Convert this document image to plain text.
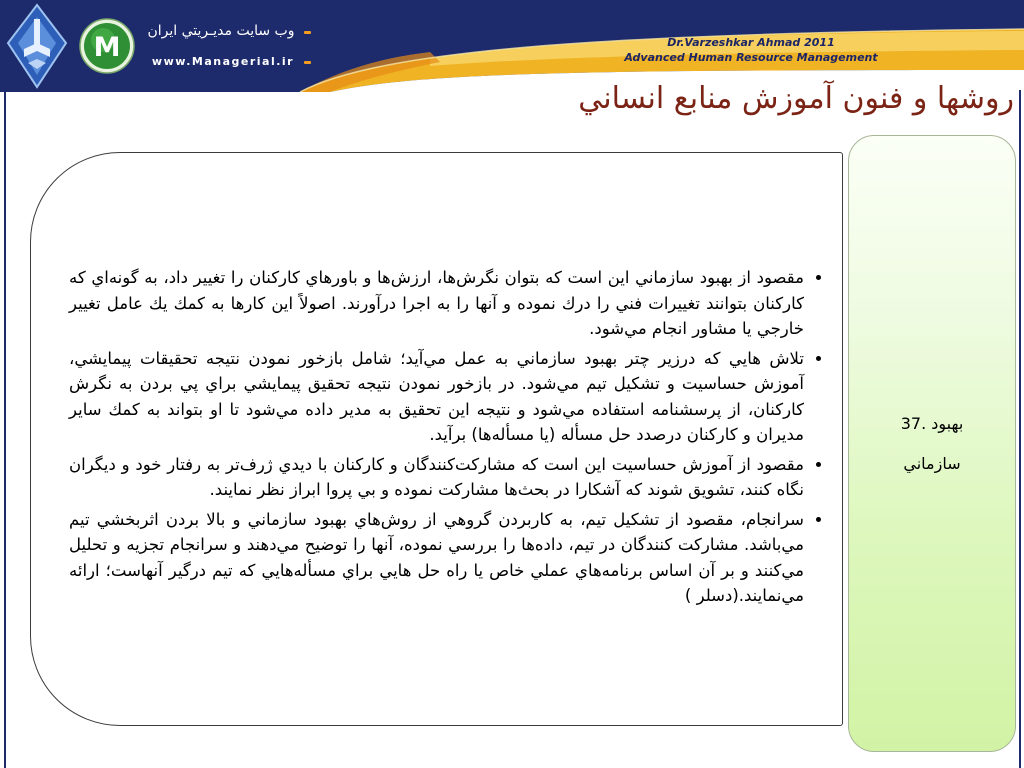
M
وب سايت مديـريتي ايران
www.Managerial.ir
Dr.Varzeshkar Ahmad 2011
Advanced Human Resource Management
روشها و فنون آموزش منابع انساني
• مقصود از بهبود سازماني اين است كه بتوان نگرش‌ها، ارزش‌ها و باورهاي كاركنان را تغيير داد، به گونه‌اي كه كاركنان بتوانند تغييرات فني را درك نموده و آنها را به اجرا درآورند. اصولاً اين كارها به كمك يك عامل تغيير خارجي يا مشاور انجام مي‌شود.
• تلاش هايي كه درزير چتر بهبود سازماني به عمل مي‌آيد؛ شامل بازخور نمودن نتيجه تحقيقات پيمايشي، آموزش حساسيت و تشكيل تيم مي‌شود. در بازخور نمودن نتيجه تحقيق پيمايشي براي پي بردن به نگرش كاركنان، از پرسشنامه استفاده مي‌شود و نتيجه اين تحقيق به مدير داده مي‌شود تا او بتواند به كمك ساير مديران و كاركنان درصدد حل مسأله (يا مسأله‌ها) برآيد.
• مقصود از آموزش حساسيت اين است كه مشاركت‌كنندگان و كاركنان با ديدي ژرف‌تر به رفتار خود و ديگران نگاه كنند، تشويق شوند كه آشكارا در بحث‌ها مشاركت نموده و بي پروا ابراز نظر نمايند.
• سرانجام، مقصود از تشكيل تيم، به كاربردن گروهي از روش‌هاي بهبود سازماني و بالا بردن اثربخشي تيم مي‌باشد. مشاركت كنندگان در تيم، داده‌ها را بررسي نموده، آنها را توضيح مي‌دهند و سرانجام تجزيه و تحليل مي‌كنند و بر آن اساس برنامه‌هاي عملي خاص يا راه حل هايي براي مسأله‌هايي كه تيم درگير آنهاست؛ ارائه مي‌نمايند.(دسلر )
37. بهبود
سازماني
